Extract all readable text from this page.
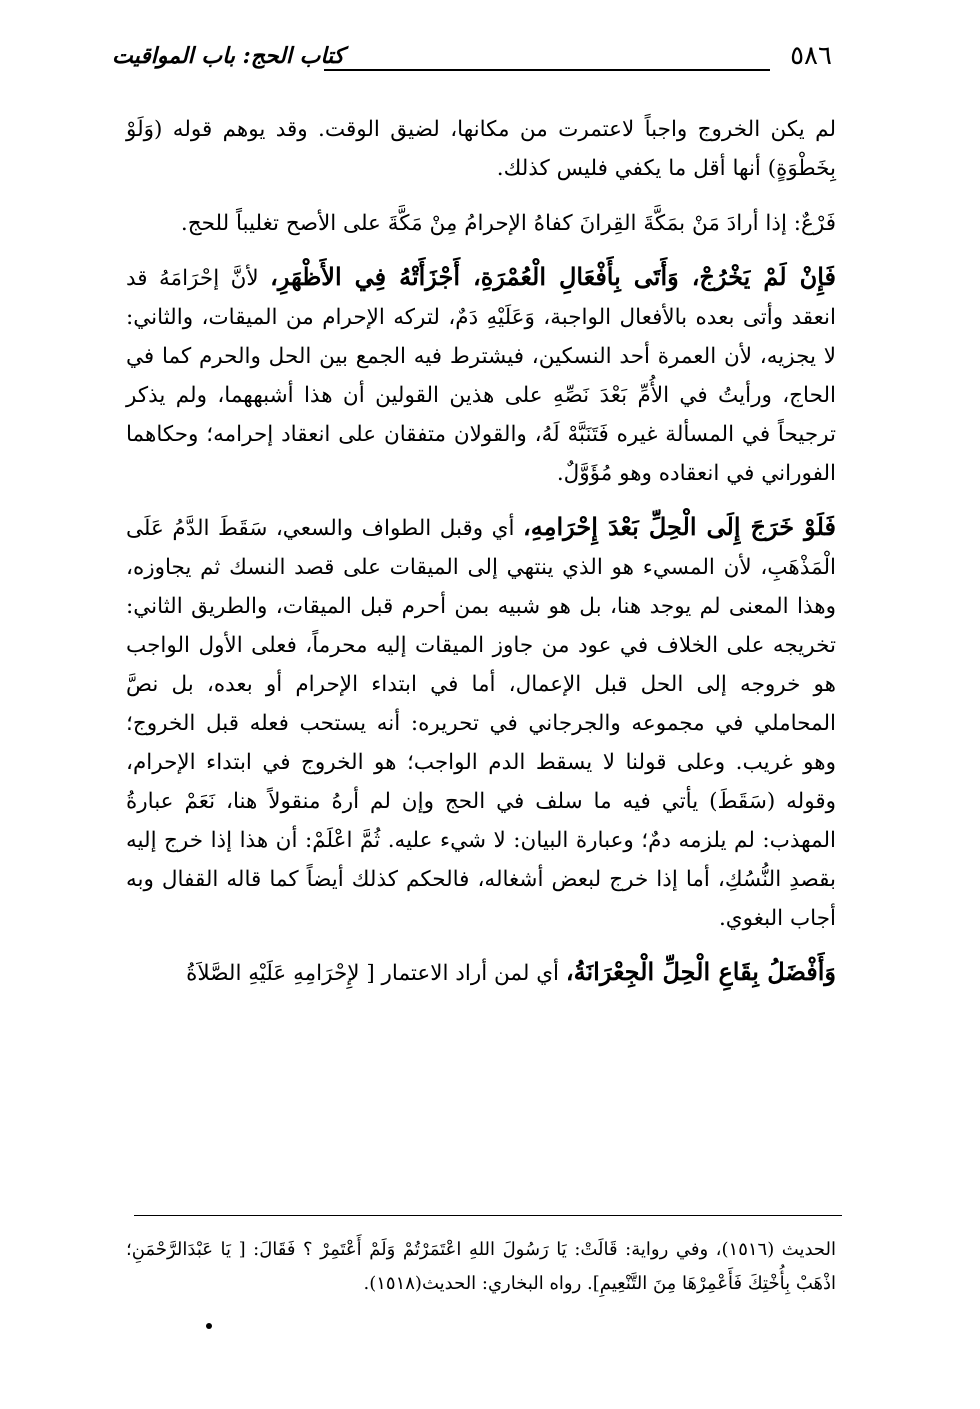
٥٨٦
كتاب الحج: باب المواقيت

لم يكن الخروج واجباً لاعتمرت من مكانها، لضيق الوقت. وقد يوهم قوله (وَلَوْ بِخَطْوَةٍ) أنها أقل ما يكفي فليس كذلك.

فَرْعٌ: إذا أرادَ مَنْ بمَكَّةَ القِرانَ كفاهُ الإحرامُ مِنْ مَكَّةَ على الأصح تغليباً للحج.

فَإِنْ لَمْ يَخْرُجْ، وَأَتَى بِأَفْعَالِ الْعُمْرَةِ، أَجْزَأَتْهُ فِي الأَظْهَرِ، لأنَّ إحْرَامَهُ قد انعقد وأتى بعده بالأفعال الواجبة، وَعَلَيْهِ دَمٌ، لتركه الإحرام من الميقات، والثاني: لا يجزيه، لأن العمرة أحد النسكين، فيشترط فيه الجمع بين الحل والحرم كما في الحاج، ورأيتُ في الأُمِّ بَعْدَ نَصِّهِ على هذين القولين أن هذا أشبههما، ولم يذكر ترجيحاً في المسألة غيره فَتَنَبَّهْ لَهُ، والقولان متفقان على انعقاد إحرامه؛ وحكاهما الفوراني في انعقاده وهو مُؤَوَّلٌ.

فَلَوْ خَرَجَ إِلَى الْحِلِّ بَعْدَ إِحْرَامِهِ، أي وقبل الطواف والسعي، سَقَطَ الدَّمُ عَلَى الْمَذْهَبِ، لأن المسيء هو الذي ينتهي إلى الميقات على قصد النسك ثم يجاوزه، وهذا المعنى لم يوجد هنا، بل هو شبيه بمن أحرم قبل الميقات، والطريق الثاني: تخريجه على الخلاف في عود من جاوز الميقات إليه محرماً، فعلى الأول الواجب هو خروجه إلى الحل قبل الإعمال، أما في ابتداء الإحرام أو بعده، بل نصَّ المحاملي في مجموعه والجرجاني في تحريره: أنه يستحب فعله قبل الخروج؛ وهو غريب. وعلى قولنا لا يسقط الدم الواجب؛ هو الخروج في ابتداء الإحرام، وقوله (سَقَطَ) يأتي فيه ما سلف في الحج وإن لم أرهُ منقولاً هنا، نَعَمْ عبارةُ المهذب: لم يلزمه دمٌ؛ وعبارة البيان: لا شيء عليه. ثُمَّ اعْلَمْ: أن هذا إذا خرج إليه بقصدِ النُّسُكِ، أما إذا خرج لبعض أشغاله، فالحكم كذلك أيضاً كما قاله القفال وبه أجاب البغوي.

وَأَفْضَلُ بِقَاعِ الْحِلِّ الْجِعْرَانَةُ، أي لمن أراد الاعتمار [ لإِحْرَامِهِ عَلَيْهِ الصَّلاَةُ

الحديث (١٥١٦)، وفي رواية: قَالَتْ: يَا رَسُولَ اللهِ اعْتَمَرْتُمْ وَلَمْ أَعْتَمِرْ ؟ فَقَالَ: [ يَا عَبْدَالرَّحْمَنِ؛ اذْهَبْ بِأُخْتِكَ فَأَعْمِرْهَا مِنَ التَّنْعِيمِ]. رواه البخاري: الحديث(١٥١٨).
